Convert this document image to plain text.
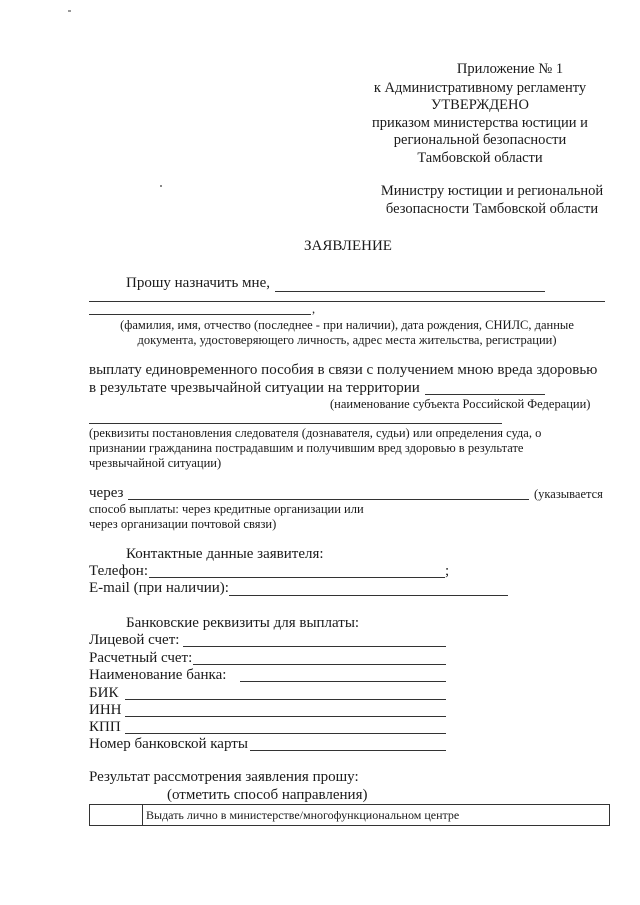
Приложение № 1
к Административному регламенту
УТВЕРЖДЕНО
приказом министерства юстиции и
региональной безопасности
Тамбовской области
Министру юстиции и региональной
безопасности Тамбовской области
ЗАЯВЛЕНИЕ
Прошу назначить мне,
,
(фамилия, имя, отчество (последнее - при наличии), дата рождения, СНИЛС, данные
документа, удостоверяющего личность, адрес места жительства, регистрации)
выплату единовременного пособия в связи с получением мною вреда здоровью
в результате чрезвычайной ситуации на территории
(наименование субъекта Российской Федерации)
(реквизиты постановления следователя (дознавателя, судьи) или определения суда, о
признании гражданина пострадавшим и получившим вред здоровью в результате
чрезвычайной ситуации)
через	(указывается
способ выплаты: через кредитные организации или
через организации почтовой связи)
Контактные данные заявителя:
Телефон:	;
E-mail (при наличии):
Банковские реквизиты для выплаты:
Лицевой счет:
Расчетный счет:
Наименование банка:
БИК
ИНН
КПП
Номер банковской карты
Результат рассмотрения заявления прошу:
(отметить способ направления)
	Выдать лично в министерстве/многофункциональном центре
